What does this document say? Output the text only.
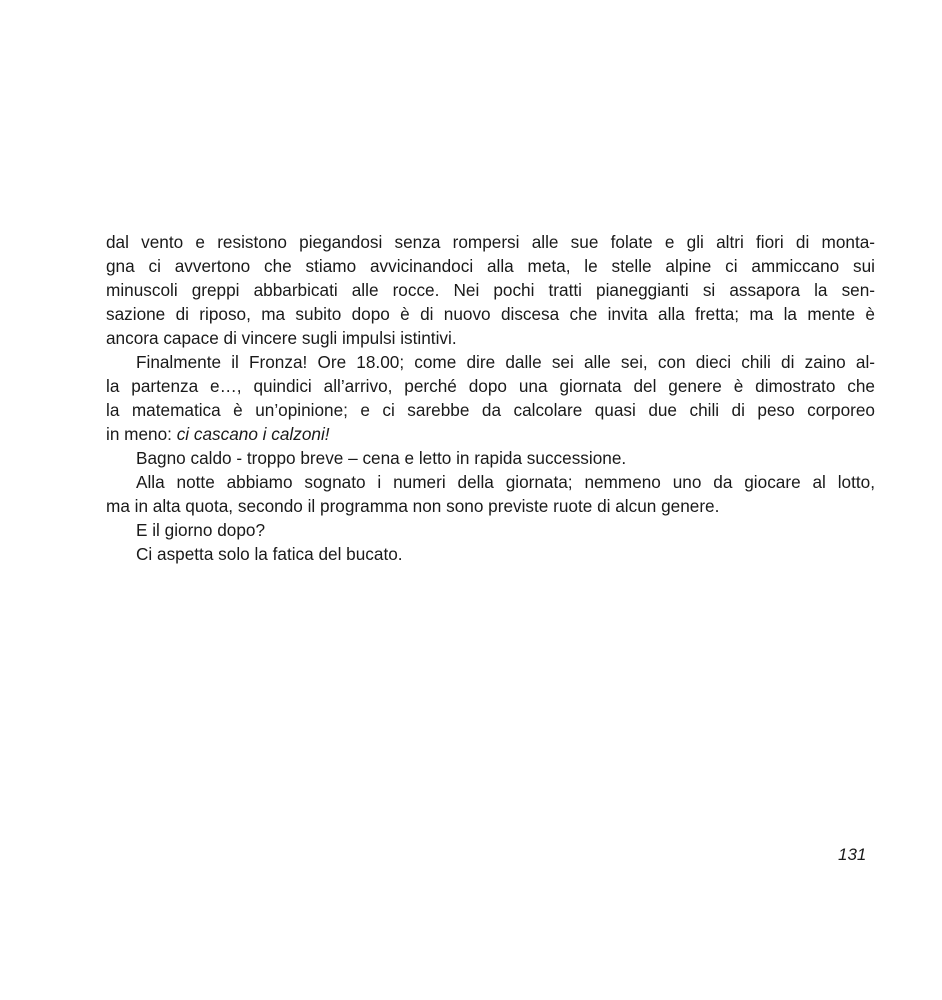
dal vento e resistono piegandosi senza rompersi alle sue folate e gli altri fiori di monta-
gna ci avvertono che stiamo avvicinandoci alla meta, le stelle alpine ci ammiccano sui
minuscoli greppi abbarbicati alle rocce. Nei pochi tratti pianeggianti si assapora la sen-
sazione di riposo, ma subito dopo è di nuovo discesa che invita alla fretta; ma la mente è
ancora capace di vincere sugli impulsi istintivi.
Finalmente il Fronza! Ore 18.00; come dire dalle sei alle sei, con dieci chili di zaino al-
la partenza e…, quindici all’arrivo, perché dopo una giornata del genere è dimostrato che
la matematica è un’opinione; e ci sarebbe da calcolare quasi due chili di peso corporeo
in meno: ci cascano i calzoni!
Bagno caldo - troppo breve – cena e letto in rapida successione.
Alla notte abbiamo sognato i numeri della giornata; nemmeno uno da giocare al lotto,
ma in alta quota, secondo il programma non sono previste ruote di alcun genere.
E il giorno dopo?
Ci aspetta solo la fatica del bucato.
131
